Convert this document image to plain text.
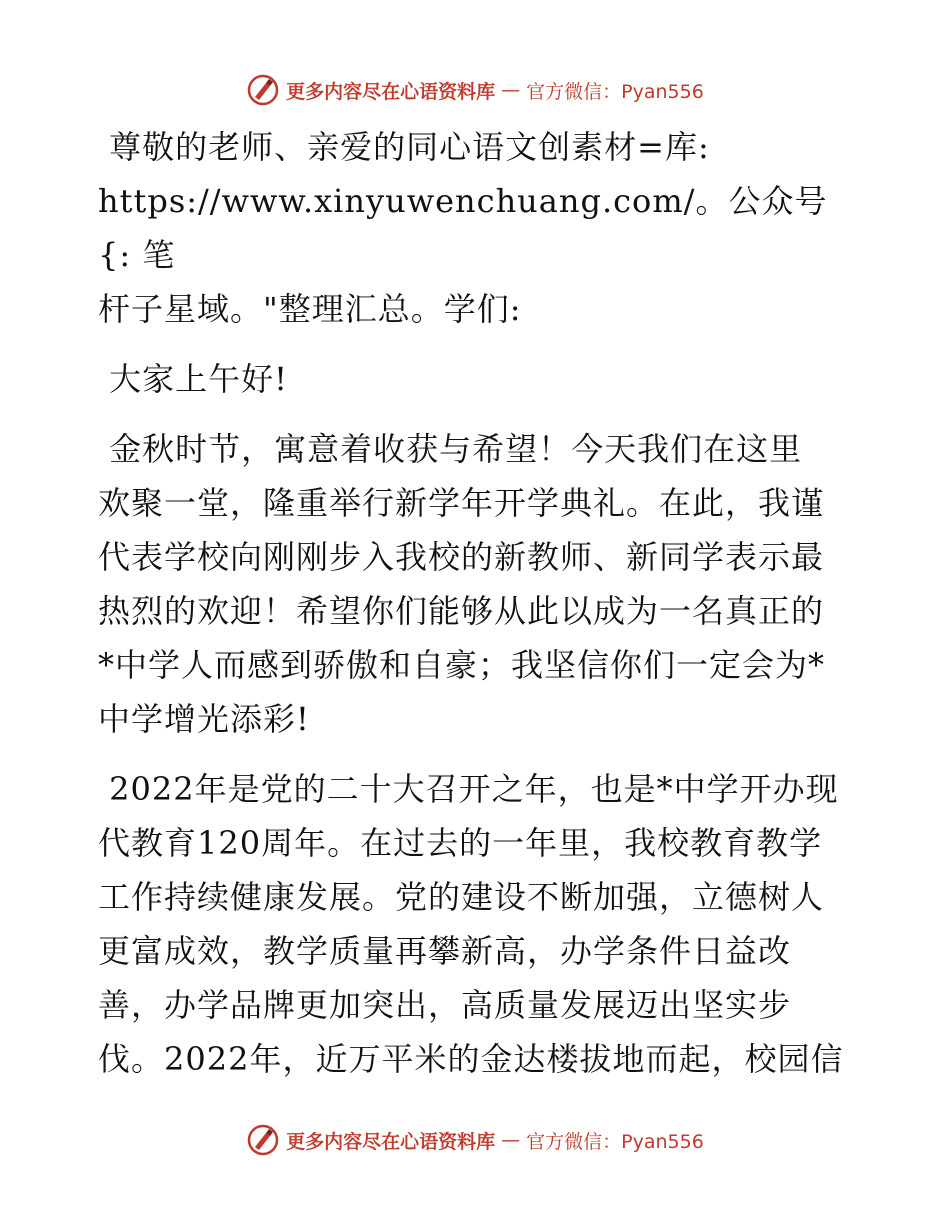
更多内容尽在心语资料库 — 官方微信：Pyan556

尊敬的老师、亲爱的同心语文创素材=库:
https://www.xinyuwenchuang.com/。公众号{: 笔
杆子星域。"整理汇总。学们:

大家上午好!

金秋时节，寓意着收获与希望！今天我们在这里
欢聚一堂，隆重举行新学年开学典礼。在此，我谨
代表学校向刚刚步入我校的新教师、新同学表示最
热烈的欢迎！希望你们能够从此以成为一名真正的
*中学人而感到骄傲和自豪；我坚信你们一定会为*
中学增光添彩!

2022年是党的二十大召开之年，也是*中学开办现
代教育120周年。在过去的一年里，我校教育教学
工作持续健康发展。党的建设不断加强，立德树人
更富成效，教学质量再攀新高，办学条件日益改
善，办学品牌更加突出，高质量发展迈出坚实步
伐。2022年，近万平米的金达楼拔地而起，校园信

更多内容尽在心语资料库 — 官方微信：Pyan556
